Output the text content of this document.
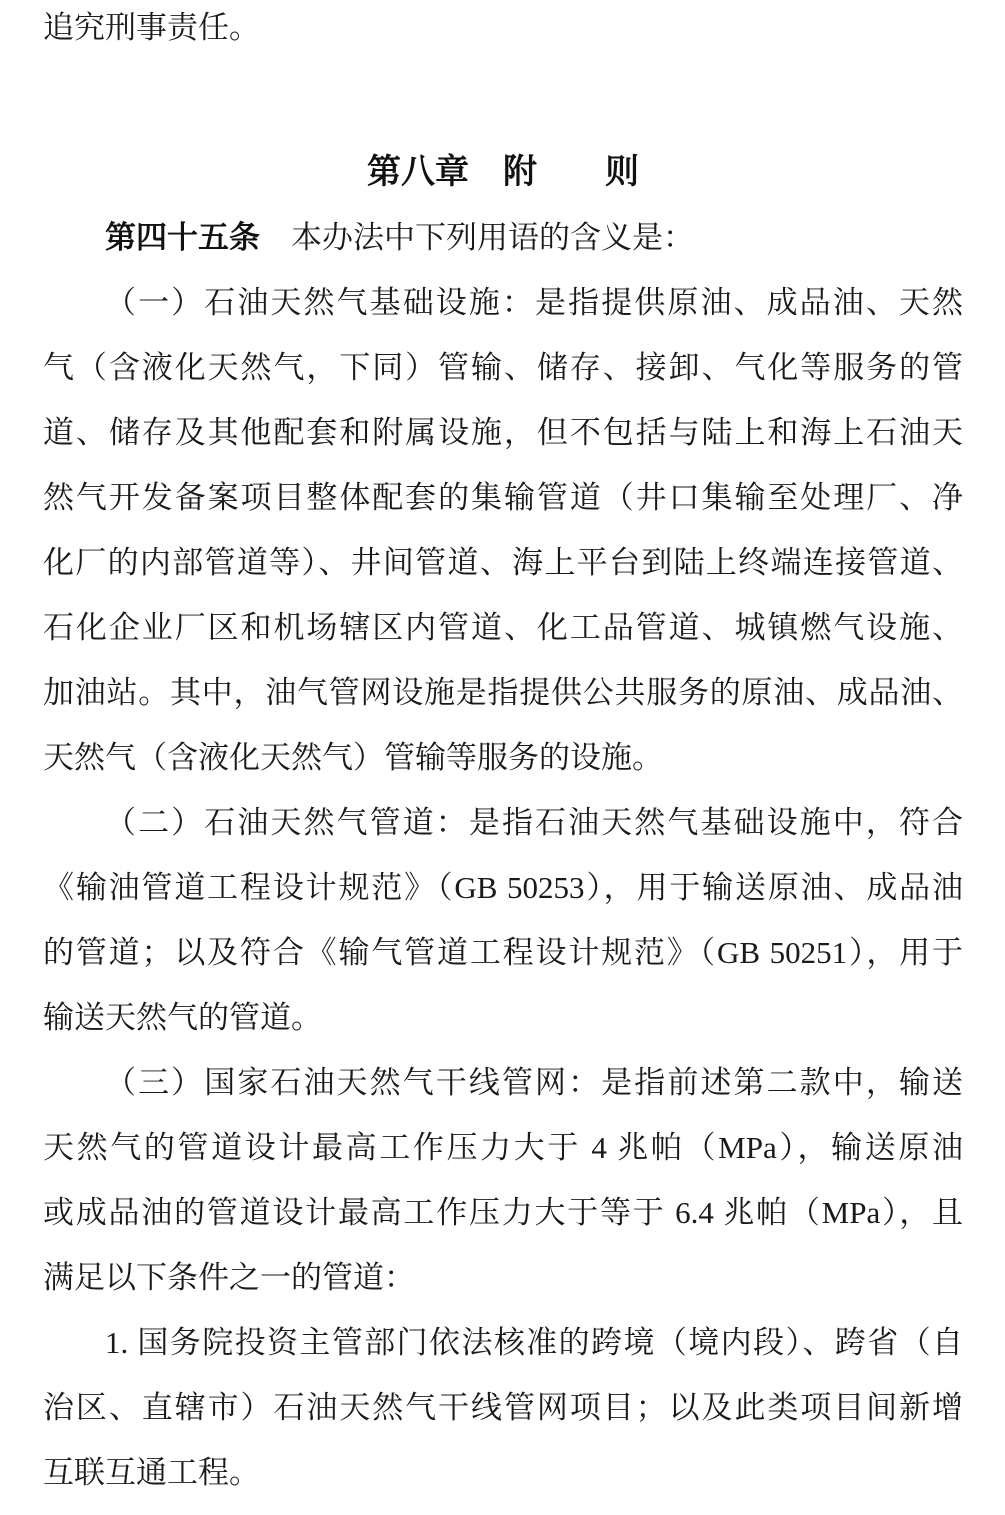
追究刑事责任。
第八章　附　　则
第四十五条　本办法中下列用语的含义是：
（一）石油天然气基础设施：是指提供原油、成品油、天然
气（含液化天然气，下同）管输、储存、接卸、气化等服务的管
道、储存及其他配套和附属设施，但不包括与陆上和海上石油天
然气开发备案项目整体配套的集输管道（井口集输至处理厂、净
化厂的内部管道等）、井间管道、海上平台到陆上终端连接管道、
石化企业厂区和机场辖区内管道、化工品管道、城镇燃气设施、
加油站。其中，油气管网设施是指提供公共服务的原油、成品油、
天然气（含液化天然气）管输等服务的设施。
（二）石油天然气管道：是指石油天然气基础设施中，符合
《输油管道工程设计规范》（GB 50253），用于输送原油、成品油
的管道；以及符合《输气管道工程设计规范》（GB 50251），用于
输送天然气的管道。
（三）国家石油天然气干线管网：是指前述第二款中，输送
天然气的管道设计最高工作压力大于 4 兆帕（MPa），输送原油
或成品油的管道设计最高工作压力大于等于 6.4 兆帕（MPa），且
满足以下条件之一的管道：
1. 国务院投资主管部门依法核准的跨境（境内段）、跨省（自
治区、直辖市）石油天然气干线管网项目；以及此类项目间新增
互联互通工程。
